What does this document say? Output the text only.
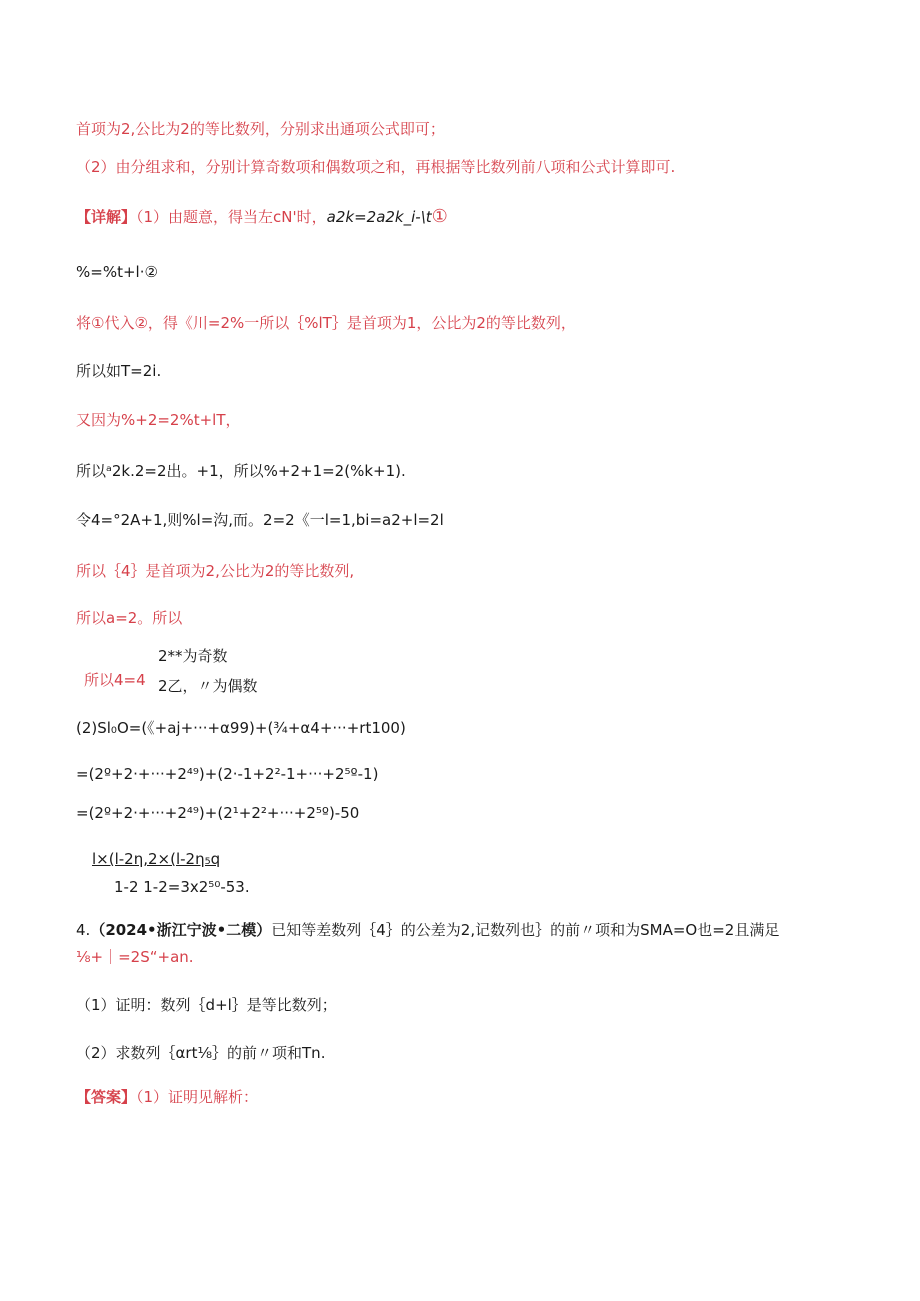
首项为2,公比为2的等比数列，分别求出通项公式即可；
（2）由分组求和，分别计算奇数项和偶数项之和，再根据等比数列前八项和公式计算即可.
【详解】（1）由题意，得当左cN'时，a2k=2a2k_i-\t①
%=%t+l·②
将①代入②，得《川=2%一所以｛%lT｝是首项为1，公比为2的等比数列，
所以如T=2i.
又因为%+2=2%t+lT，
所以ᵃ2k.2=2出。+1，所以%+2+1=2(%k+1).
令4=°2A+1,则%l=沟,而。2=2《一l=1,bi=a2+l=2l
所以｛4｝是首项为2,公比为2的等比数列,
所以a=2。所以
2**为奇数
所以4=4 2乙，〃为偶数
(2)Sl₀O=(《+aj+···+α99)+(¾+α4+···+rt100)
=(2º+2·+···+2⁴⁹)+(2·-1+2²-1+···+2⁵º-1)
=(2º+2·+···+2⁴⁹)+(2¹+2²+···+2⁵º)-50
l×(l-2η,2×(l-2η₅q
1-2 1-2=3x2⁵⁰-53.
4.（2024•浙江宁波•二模）已知等差数列｛4｝的公差为2,记数列也｝的前〃项和为SMA=O也=2且满足
⅛+｜=2S“+an.
（1）证明：数列｛d+l｝是等比数列；
（2）求数列｛αrt⅛｝的前〃项和Tn.
【答案】（1）证明见解析：
